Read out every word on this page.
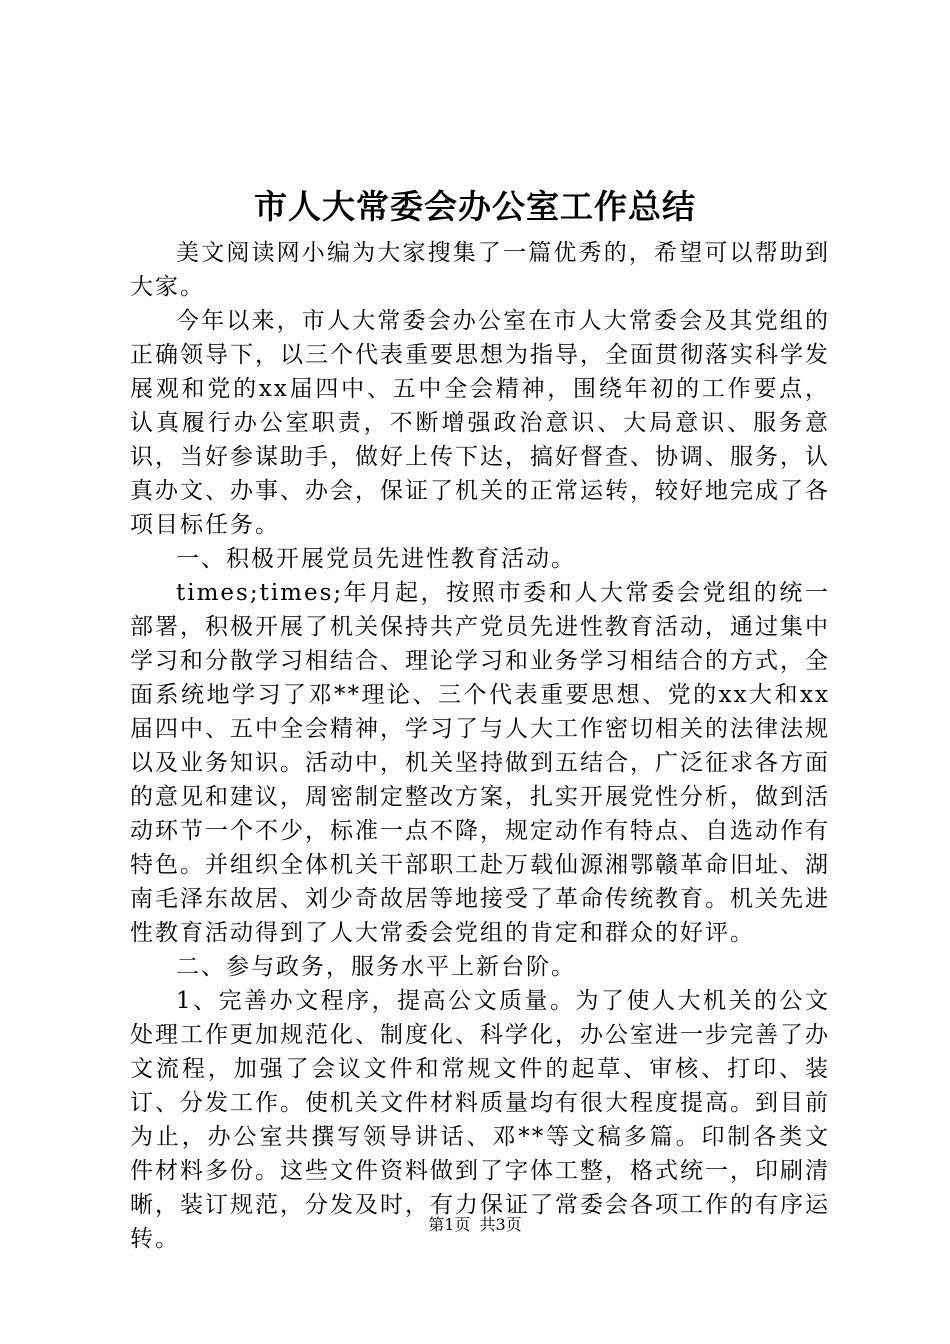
市人大常委会办公室工作总结

美文阅读网小编为大家搜集了一篇优秀的，希望可以帮助到大家。

今年以来，市人大常委会办公室在市人大常委会及其党组的正确领导下，以三个代表重要思想为指导，全面贯彻落实科学发展观和党的xx届四中、五中全会精神，围绕年初的工作要点，认真履行办公室职责，不断增强政治意识、大局意识、服务意识，当好参谋助手，做好上传下达，搞好督查、协调、服务，认真办文、办事、办会，保证了机关的正常运转，较好地完成了各项目标任务。

一、积极开展党员先进性教育活动。

times;times;年月起，按照市委和人大常委会党组的统一部署，积极开展了机关保持共产党员先进性教育活动，通过集中学习和分散学习相结合、理论学习和业务学习相结合的方式，全面系统地学习了邓**理论、三个代表重要思想、党的xx大和xx届四中、五中全会精神，学习了与人大工作密切相关的法律法规以及业务知识。活动中，机关坚持做到五结合，广泛征求各方面的意见和建议，周密制定整改方案，扎实开展党性分析，做到活动环节一个不少，标准一点不降，规定动作有特点、自选动作有特色。并组织全体机关干部职工赴万载仙源湘鄂赣革命旧址、湖南毛泽东故居、刘少奇故居等地接受了革命传统教育。机关先进性教育活动得到了人大常委会党组的肯定和群众的好评。

二、参与政务，服务水平上新台阶。

1、完善办文程序，提高公文质量。为了使人大机关的公文处理工作更加规范化、制度化、科学化，办公室进一步完善了办文流程，加强了会议文件和常规文件的起草、审核、打印、装订、分发工作。使机关文件材料质量均有很大程度提高。到目前为止，办公室共撰写领导讲话、邓**等文稿多篇。印制各类文件材料多份。这些文件资料做到了字体工整，格式统一，印刷清晰，装订规范，分发及时，有力保证了常委会各项工作的有序运转。

第1页 共3页
